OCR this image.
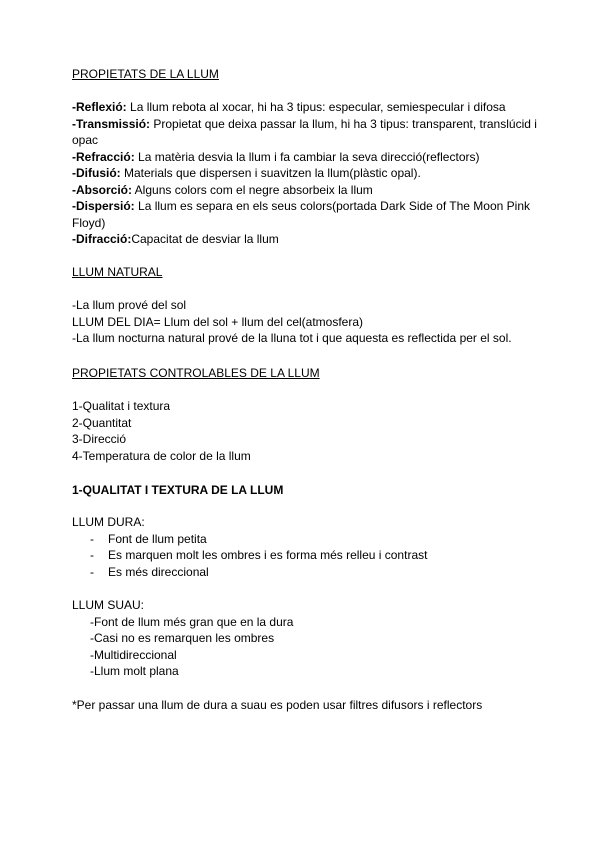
PROPIETATS DE LA LLUM

-Reflexió: La llum rebota al xocar, hi ha 3 tipus: especular, semiespecular i difosa

-Transmissió: Propietat que deixa passar la llum, hi ha 3 tipus: transparent, translúcid i opac

-Refracció: La matèria desvia la llum i fa cambiar la seva direcció(reflectors)

-Difusió: Materials que dispersen i suavitzen la llum(plàstic opal).

-Absorció: Alguns colors com el negre absorbeix la llum

-Dispersió: La llum es separa en els seus colors(portada Dark Side of The Moon Pink Floyd)

-Difracció:Capacitat de desviar la llum

LLUM NATURAL

-La llum prové del sol

LLUM DEL DIA= Llum del sol + llum del cel(atmosfera)

-La llum nocturna natural prové de la lluna tot i que aquesta es reflectida per el sol.

PROPIETATS CONTROLABLES DE LA LLUM

1-Qualitat i textura

2-Quantitat

3-Direcció

4-Temperatura de color de la llum

1-QUALITAT I TEXTURA DE LA LLUM

LLUM DURA:

- Font de llum petita

- Es marquen molt les ombres i es forma més relleu i contrast

- Es més direccional

LLUM SUAU:

-Font de llum més gran que en la dura

-Casi no es remarquen les ombres

-Multidireccional

-Llum molt plana

*Per passar una llum de dura a suau es poden usar filtres difusors i reflectors
